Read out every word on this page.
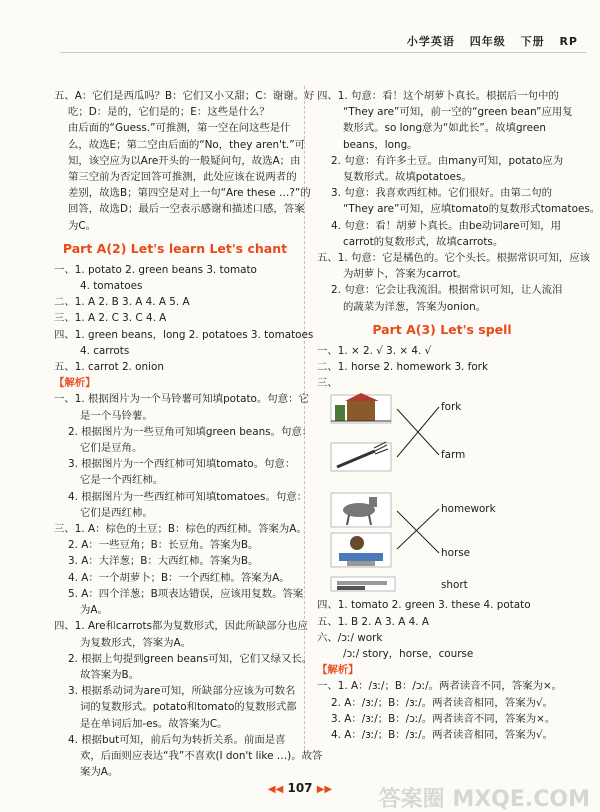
小学英语 四年级 下册 RP
五、A：它们是西瓜吗？B：它们又小又甜；C：谢谢。好
吃；D：是的，它们是的；E：这些是什么？
由后面的“Guess.”可推测，第一空在问这些是什
么，故选E；第二空由后面的“No，they aren't.”可
知，该空应为以Are开头的一般疑问句，故选A；由
第三空前为否定回答可推测，此处应该在说两者的
差别，故选B；第四空是对上一句“Are these …?”的
回答，故选D；最后一空表示感谢和描述口感，答案
为C。
Part A(2) Let's learn Let's chant
一、1. potato 2. green beans 3. tomato
4. tomatoes
二、1. A 2. B 3. A 4. A 5. A
三、1. A 2. C 3. C 4. A
四、1. green beans，long 2. potatoes 3. tomatoes
4. carrots
五、1. carrot 2. onion
【解析】
一、1. 根据图片为一个马铃薯可知填potato。句意：它
是一个马铃薯。
2. 根据图片为一些豆角可知填green beans。句意：
它们是豆角。
3. 根据图片为一个西红柿可知填tomato。句意：
它是一个西红柿。
4. 根据图片为一些西红柿可知填tomatoes。句意：
它们是西红柿。
三、1. A：棕色的土豆；B：棕色的西红柿。答案为A。
2. A：一些豆角；B：长豆角。答案为B。
3. A：大洋葱；B：大西红柿。答案为B。
4. A：一个胡萝卜；B：一个西红柿。答案为A。
5. A：四个洋葱；B项表达错误，应该用复数。答案
为A。
四、1. Are和carrots都为复数形式，因此所缺部分也应
为复数形式，答案为A。
2. 根据上句提到green beans可知，它们又绿又长。
故答案为B。
3. 根据系动词为are可知，所缺部分应该为可数名
词的复数形式。potato和tomato的复数形式都
是在单词后加-es。故答案为C。
4. 根据but可知，前后句为转折关系。前面是喜
欢，后面则应表达“我”不喜欢(I don't like …)。故答
案为A。
四、1. 句意：看！这个胡萝卜真长。根据后一句中的
“They are”可知，前一空的“green bean”应用复
数形式。so long意为“如此长”。故填green
beans，long。
2. 句意：有许多土豆。由many可知，potato应为
复数形式。故填potatoes。
3. 句意：我喜欢西红柿。它们很好。由第二句的
“They are”可知，应填tomato的复数形式tomatoes。
4. 句意：看！胡萝卜真长。由be动词are可知，用
carrot的复数形式，故填carrots。
五、1. 句意：它是橘色的。它个头长。根据常识可知，应该
为胡萝卜，答案为carrot。
2. 句意：它会让我流泪。根据常识可知，让人流泪
的蔬菜为洋葱，答案为onion。
Part A(3) Let's spell
一、1. × 2. √ 3. × 4. √
二、1. horse 2. homework 3. fork
三、
fork
farm
homework
horse
short
四、1. tomato 2. green 3. these 4. potato
五、1. B 2. A 3. A 4. A
六、/ɔː/ work
/ɔː/ story，horse，course
【解析】
一、1. A：/ɜː/；B：/ɔː/。两者读音不同，答案为×。
2. A：/ɜː/；B：/ɜː/。两者读音相同，答案为√。
3. A：/ɜː/；B：/ɔː/。两者读音不同，答案为×。
4. A：/ɜː/；B：/ɜː/。两者读音相同，答案为√。
◀◀ 107 ▶▶	答案圈 MXQE.COM
